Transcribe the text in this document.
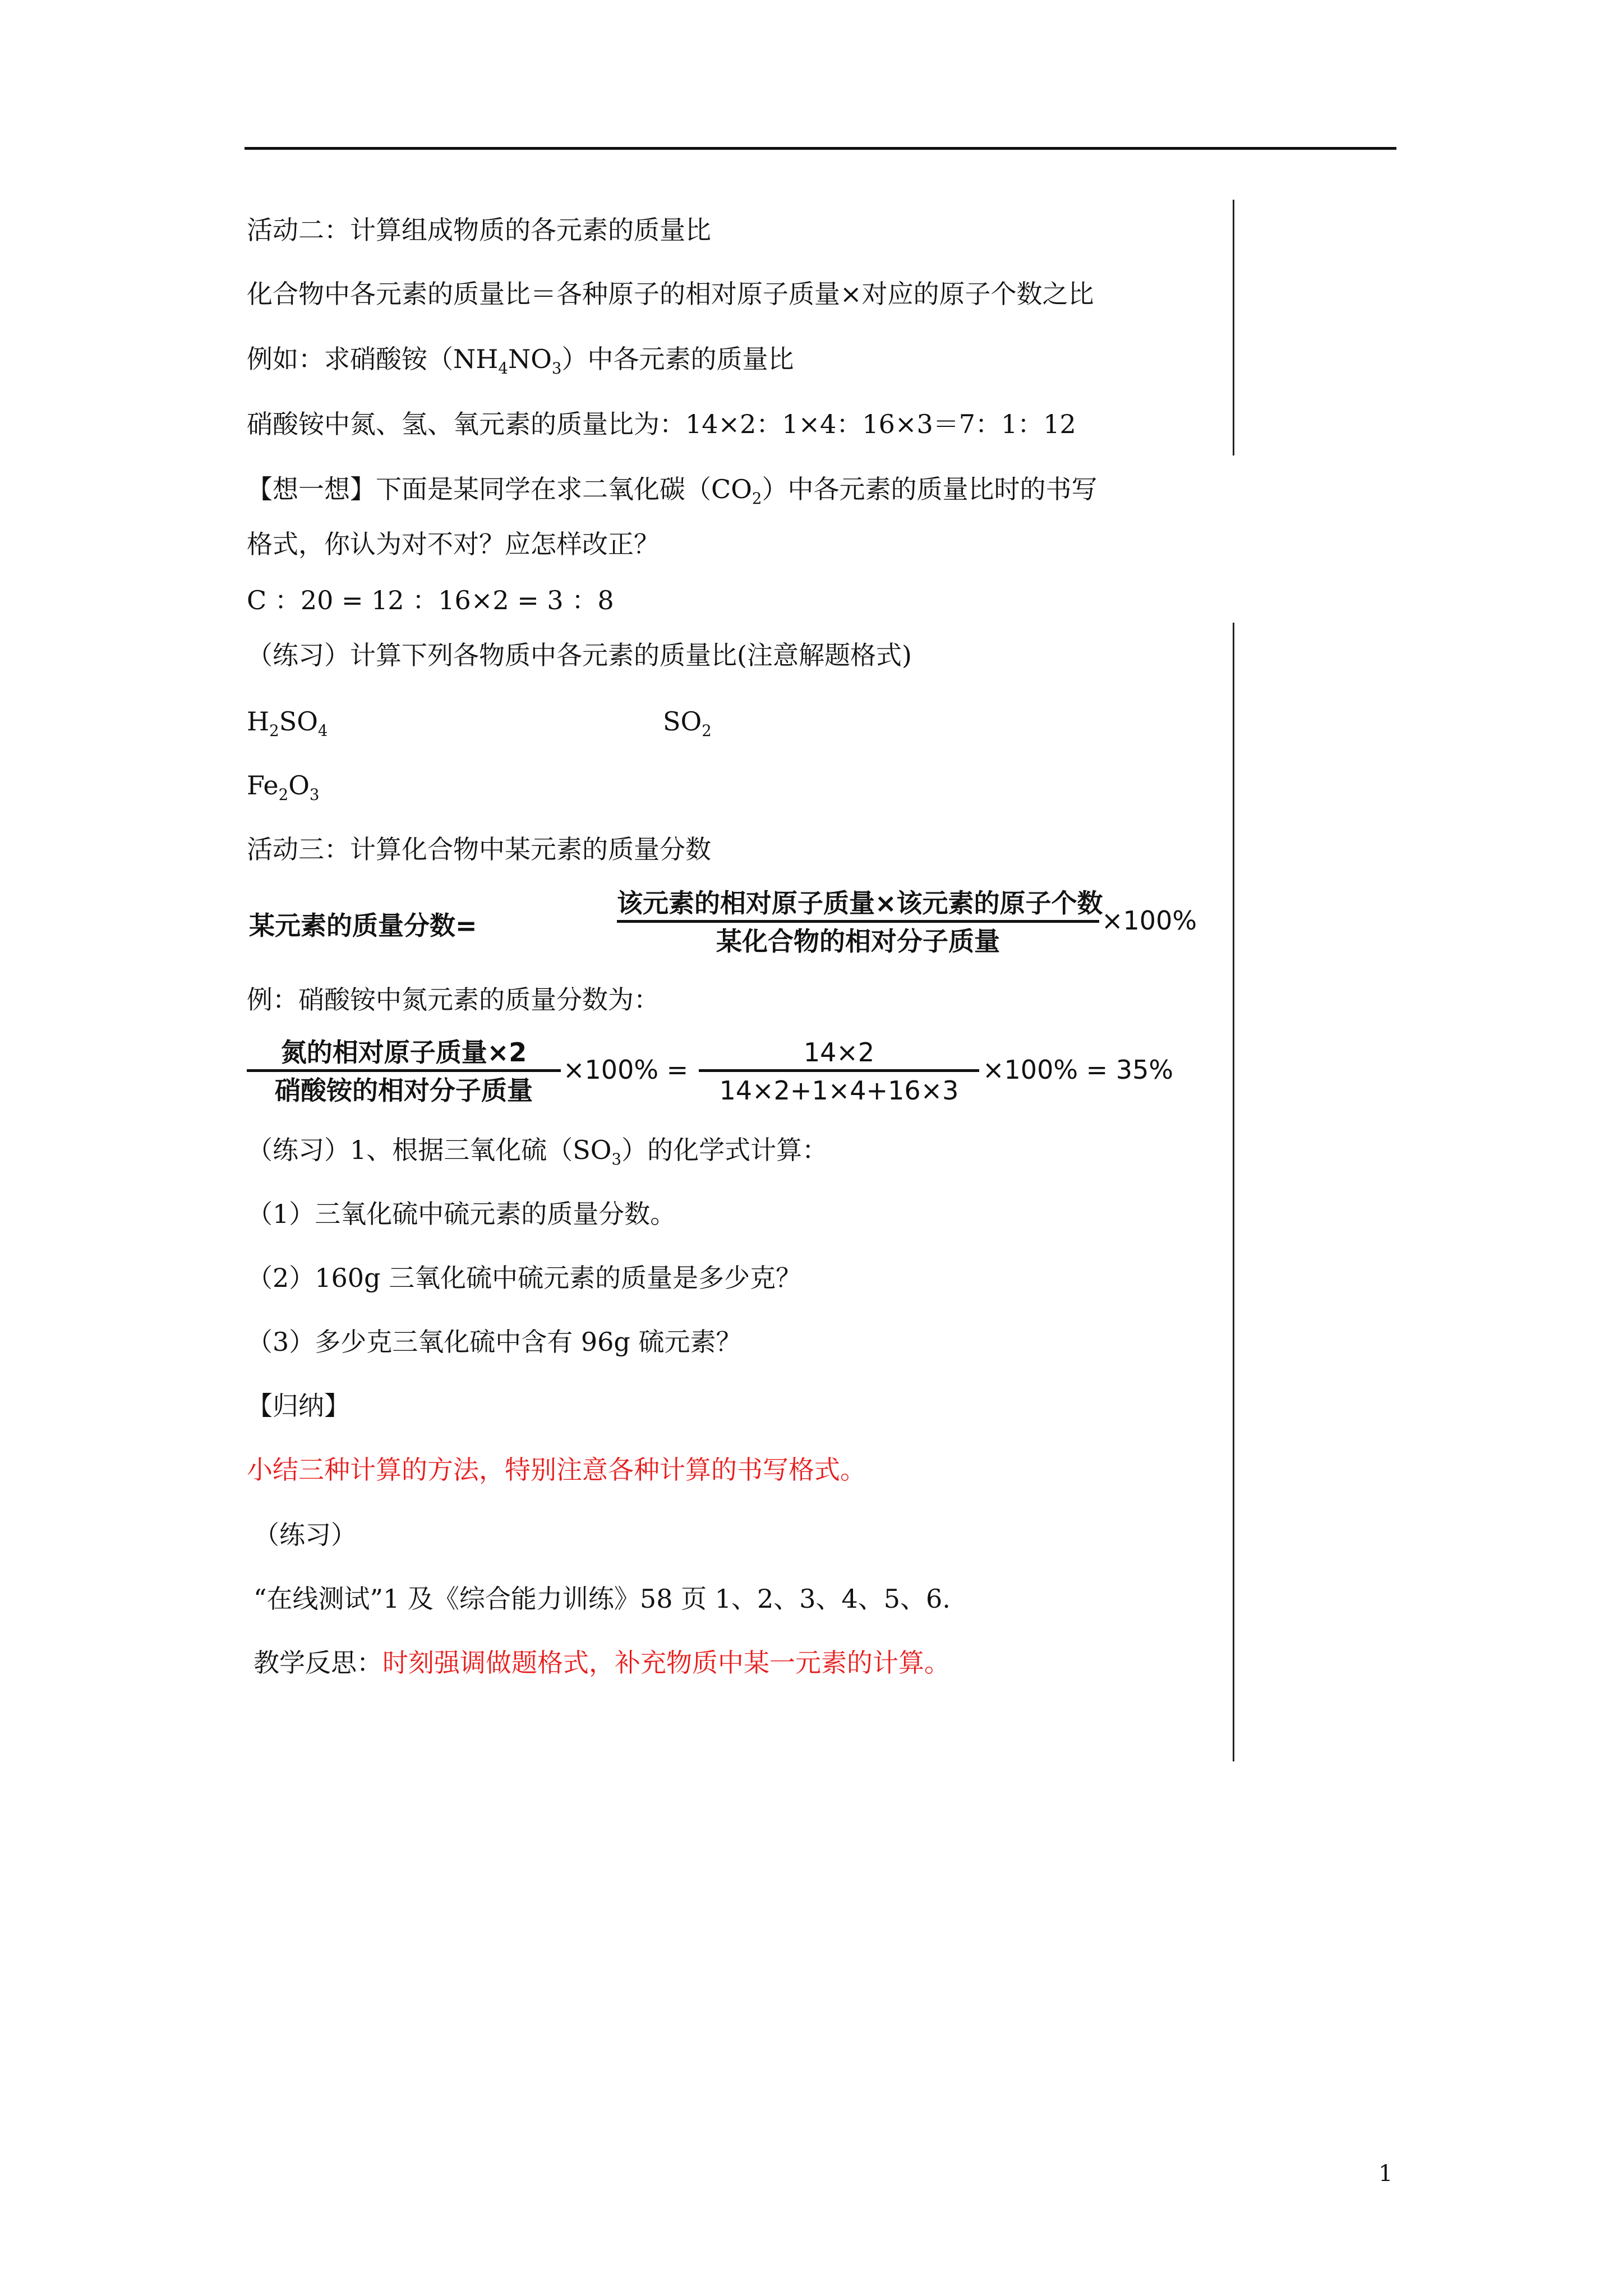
活动二：计算组成物质的各元素的质量比
化合物中各元素的质量比＝各种原子的相对原子质量×对应的原子个数之比
例如：求硝酸铵$(NH_4NO_3)$中各元素的质量比
硝酸铵中氮、氢、氧元素的质量比为：14×2：1×4：16×3＝7：1：12
【想一想】下面是某同学在求二氧化碳$(CO_2)$中各元素的质量比时的书写
格式，你认为对不对？应怎样改正？
C ：20 = 12 ：16×2 = 3 ：8
（练习）计算下列各物质中各元素的质量比(注意解题格式)
$H_2SO_4$	$SO_2$
$Fe_2O_3$
活动三：计算化合物中某元素的质量分数
某元素的质量分数=
该元素的相对原子质量×该元素的原子个数
某化合物的相对分子质量
×100%
例：硝酸铵中氮元素的质量分数为：
氮的相对原子质量×2
硝酸铵的相对分子质量
×100% =
14×2
14×2+1×4+16×3
×100% = 35%
（练习）1、根据三氧化硫$(SO_3)$的化学式计算：
（1）三氧化硫中硫元素的质量分数。
（2）160g 三氧化硫中硫元素的质量是多少克？
（3）多少克三氧化硫中含有 96g 硫元素？
【归纳】
小结三种计算的方法，特别注意各种计算的书写格式。
（练习）
“在线测试”1 及《综合能力训练》58 页 1、2、3、4、5、6.
教学反思：时刻强调做题格式，补充物质中某一元素的计算。
1
